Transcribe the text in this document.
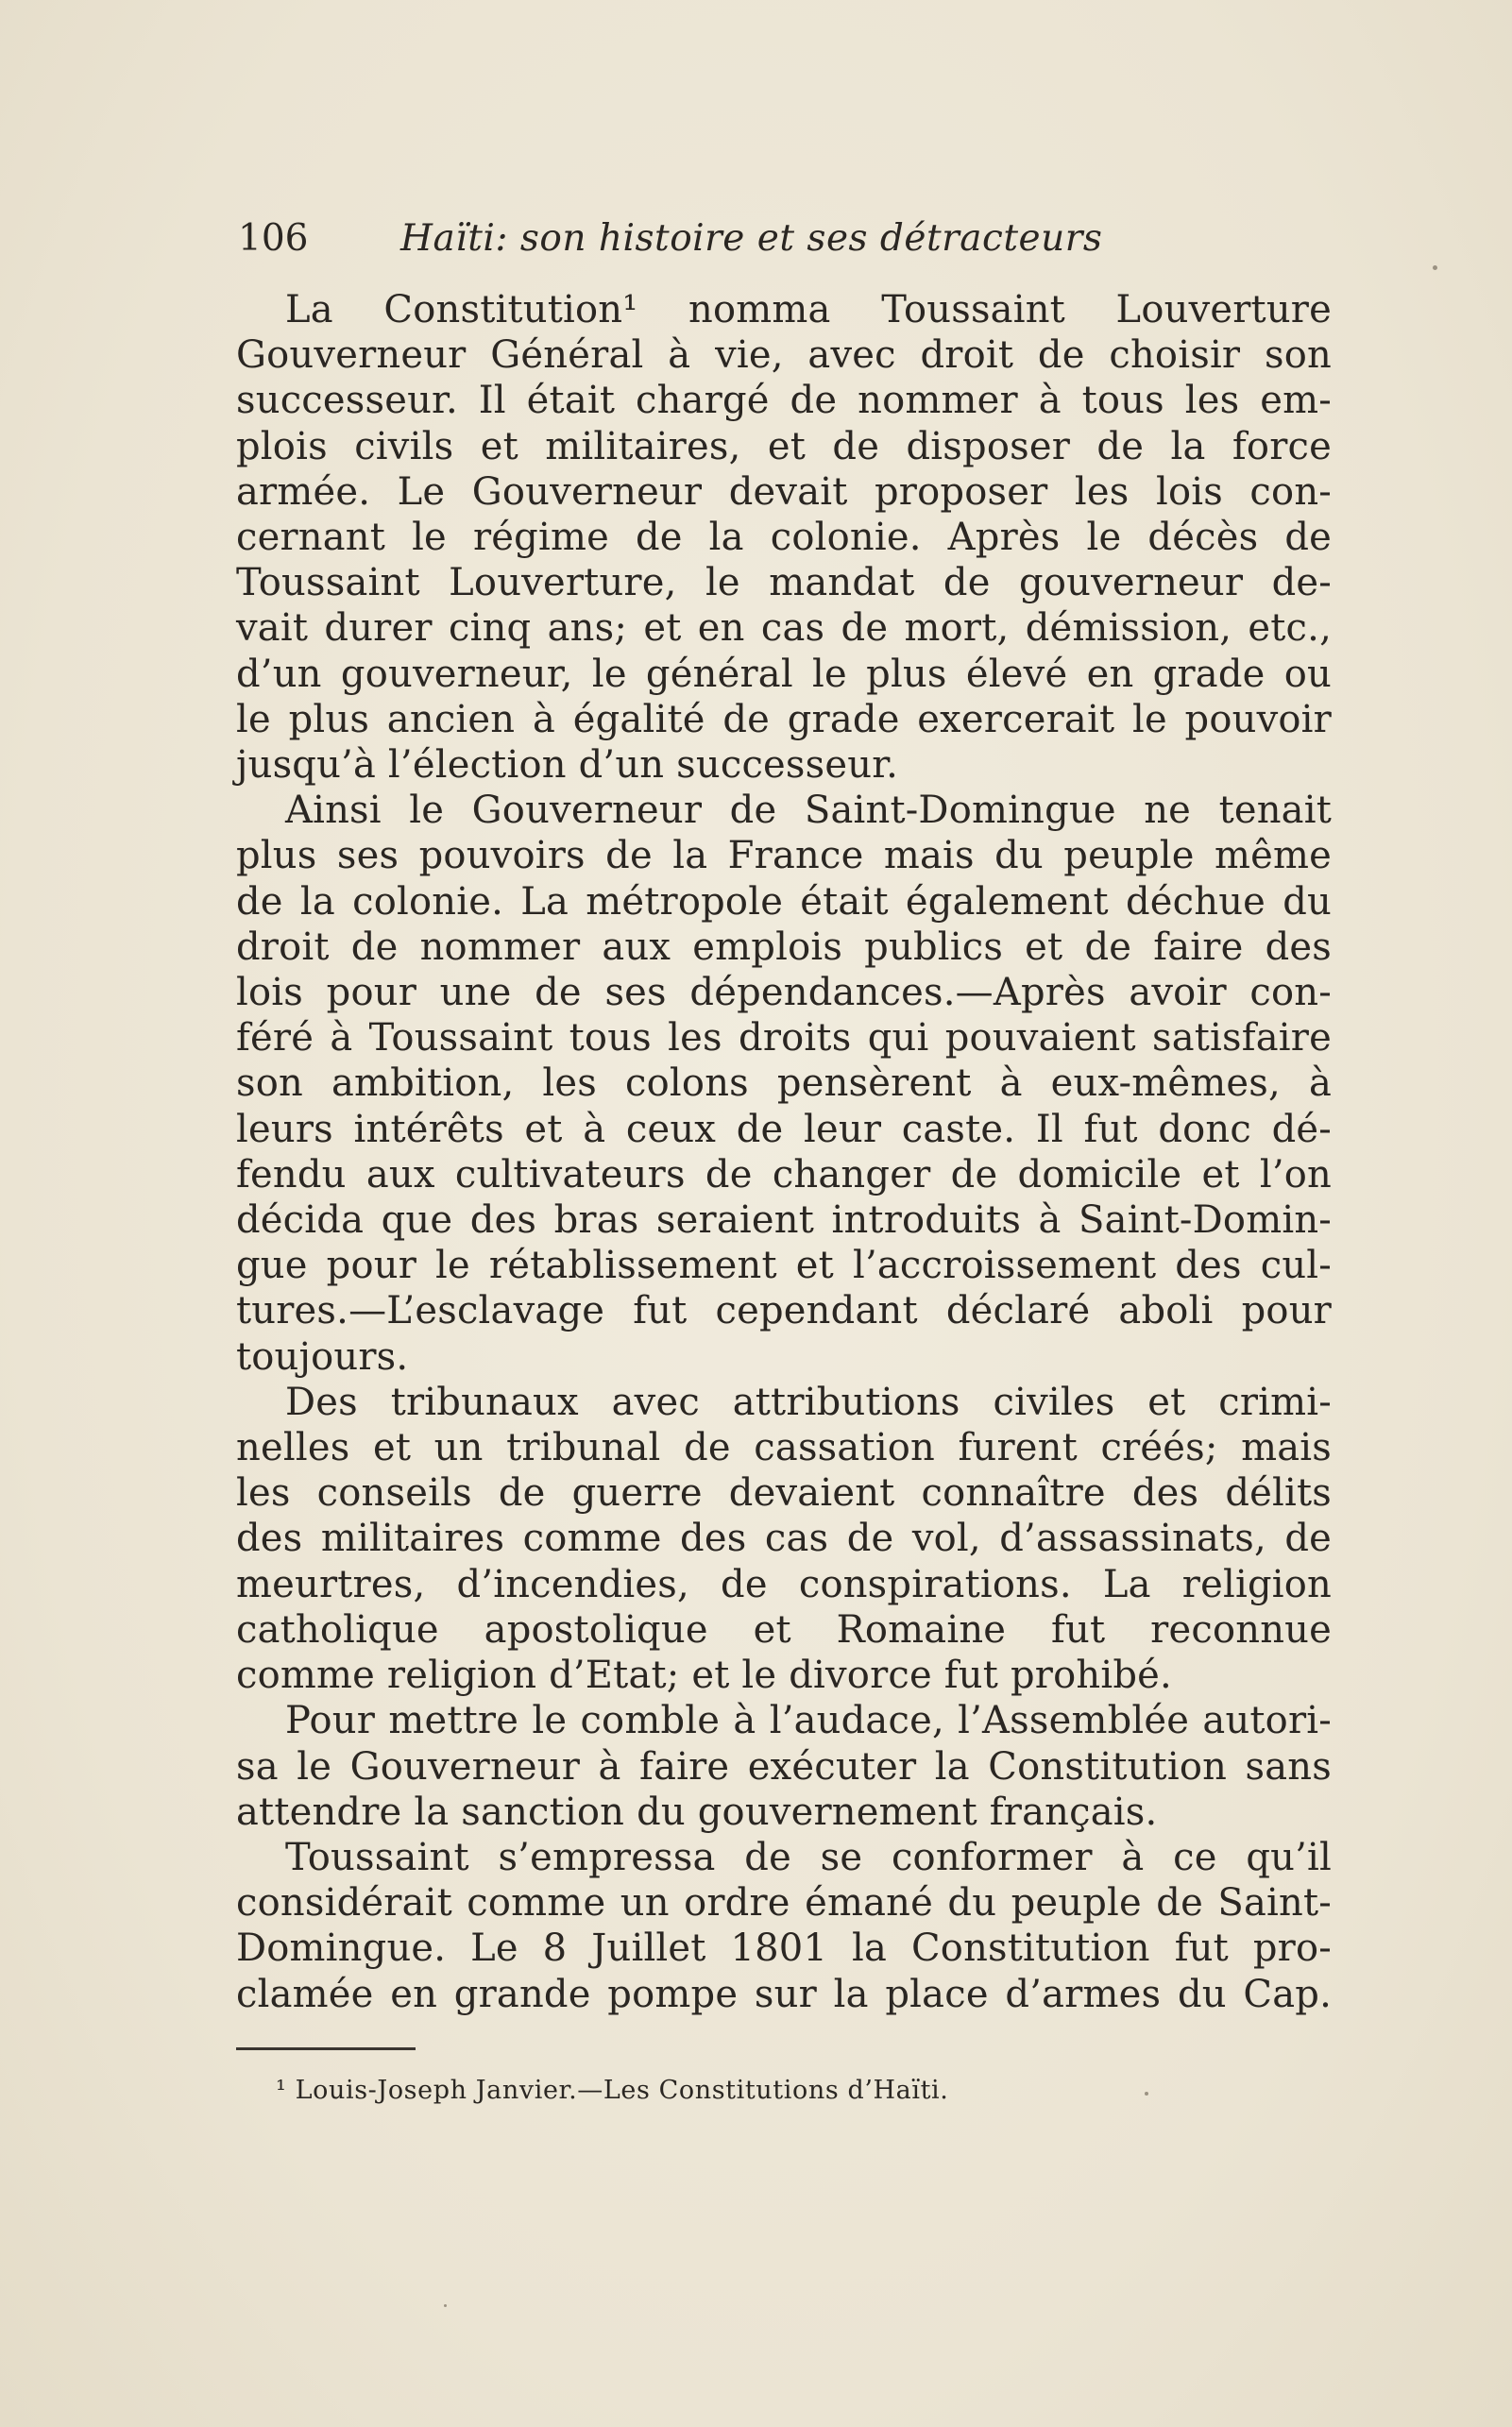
106	Haïti: son histoire et ses détracteurs

La Constitution¹ nomma Toussaint Louverture
Gouverneur Général à vie, avec droit de choisir son
successeur. Il était chargé de nommer à tous les em-
plois civils et militaires, et de disposer de la force
armée. Le Gouverneur devait proposer les lois con-
cernant le régime de la colonie. Après le décès de
Toussaint Louverture, le mandat de gouverneur de-
vait durer cinq ans; et en cas de mort, démission, etc.,
d’un gouverneur, le général le plus élevé en grade ou
le plus ancien à égalité de grade exercerait le pouvoir
jusqu’à l’élection d’un successeur.

Ainsi le Gouverneur de Saint-Domingue ne tenait
plus ses pouvoirs de la France mais du peuple même
de la colonie. La métropole était également déchue du
droit de nommer aux emplois publics et de faire des
lois pour une de ses dépendances.—Après avoir con-
féré à Toussaint tous les droits qui pouvaient satisfaire
son ambition, les colons pensèrent à eux-mêmes, à
leurs intérêts et à ceux de leur caste. Il fut donc dé-
fendu aux cultivateurs de changer de domicile et l’on
décida que des bras seraient introduits à Saint-Domin-
gue pour le rétablissement et l’accroissement des cul-
tures.—L’esclavage fut cependant déclaré aboli pour
toujours.

Des tribunaux avec attributions civiles et crimi-
nelles et un tribunal de cassation furent créés; mais
les conseils de guerre devaient connaître des délits
des militaires comme des cas de vol, d’assassinats, de
meurtres, d’incendies, de conspirations. La religion
catholique apostolique et Romaine fut reconnue
comme religion d’Etat; et le divorce fut prohibé.

Pour mettre le comble à l’audace, l’Assemblée autori-
sa le Gouverneur à faire exécuter la Constitution sans
attendre la sanction du gouvernement français.

Toussaint s’empressa de se conformer à ce qu’il
considérait comme un ordre émané du peuple de Saint-
Domingue. Le 8 Juillet 1801 la Constitution fut pro-
clamée en grande pompe sur la place d’armes du Cap.

¹ Louis-Joseph Janvier.—Les Constitutions d’Haïti.
